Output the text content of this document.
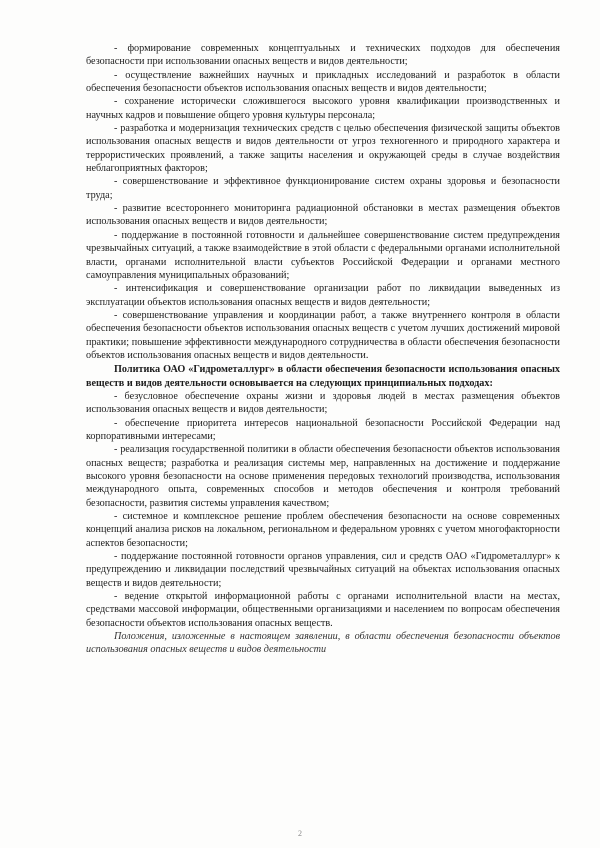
- формирование современных концептуальных и технических подходов для обеспечения безопасности при использовании опасных веществ и видов деятельности;

- осуществление важнейших научных и прикладных исследований и разработок в области обеспечения безопасности объектов использования опасных веществ и видов деятельности;

- сохранение исторически сложившегося высокого уровня квалификации производственных и научных кадров и повышение общего уровня культуры персонала;

- разработка и модернизация технических средств с целью обеспечения физической защиты объектов использования опасных веществ и видов деятельности от угроз техногенного и природного характера и террористических проявлений, а также защиты населения и окружающей среды в случае воздействия неблагоприятных факторов;

- совершенствование и эффективное функционирование систем охраны здоровья и безопасности труда;

- развитие всестороннего мониторинга радиационной обстановки в местах размещения объектов использования опасных веществ и видов деятельности;

- поддержание в постоянной готовности и дальнейшее совершенствование систем предупреждения чрезвычайных ситуаций, а также взаимодействие в этой области с федеральными органами исполнительной власти, органами исполнительной власти субъектов Российской Федерации и органами местного самоуправления муниципальных образований;

- интенсификация и совершенствование организации работ по ликвидации выведенных из эксплуатации объектов использования опасных веществ и видов деятельности;

- совершенствование управления и координации работ, а также внутреннего контроля в области обеспечения безопасности объектов использования опасных веществ с учетом лучших достижений мировой практики; повышение эффективности международного сотрудничества в области обеспечения безопасности объектов использования опасных веществ и видов деятельности.

Политика ОАО «Гидрометаллург» в области обеспечения безопасности использования опасных веществ и видов деятельности основывается на следующих принципиальных подходах:

- безусловное обеспечение охраны жизни и здоровья людей в местах размещения объектов использования опасных веществ и видов деятельности;

- обеспечение приоритета интересов национальной безопасности Российской Федерации над корпоративными интересами;

- реализация государственной политики в области обеспечения безопасности объектов использования опасных веществ; разработка и реализация системы мер, направленных на достижение и поддержание высокого уровня безопасности на основе применения передовых технологий производства, использования международного опыта, современных способов и методов обеспечения и контроля требований безопасности, развития системы управления качеством;

- системное и комплексное решение проблем обеспечения безопасности на основе современных концепций анализа рисков на локальном, региональном и федеральном уровнях с учетом многофакторности аспектов безопасности;

- поддержание постоянной готовности органов управления, сил и средств ОАО «Гидрометаллург» к предупреждению и ликвидации последствий чрезвычайных ситуаций на объектах использования опасных веществ и видов деятельности;

- ведение открытой информационной работы с органами исполнительной власти на местах, средствами массовой информации, общественными организациями и населением по вопросам обеспечения безопасности объектов использования опасных веществ.

Положения, изложенные в настоящем заявлении, в области обеспечения безопасности объектов использования опасных веществ и видов деятельности

2
